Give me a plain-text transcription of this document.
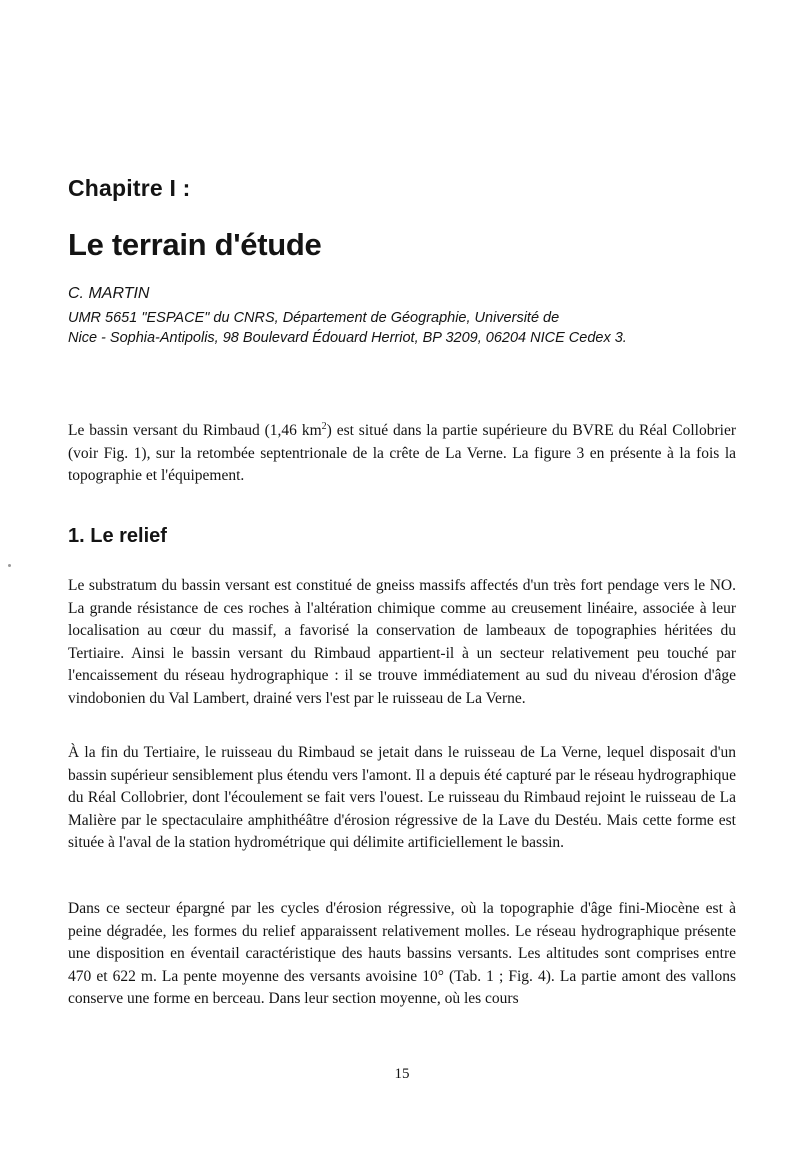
Chapitre I :
Le terrain d'étude

C. MARTIN

UMR 5651 "ESPACE" du CNRS, Département de Géographie, Université de

Nice - Sophia-Antipolis, 98 Boulevard Édouard Herriot, BP 3209, 06204 NICE Cedex 3.

Le bassin versant du Rimbaud (1,46 $km^2$) est situé dans la partie supérieure du BVRE du Réal Collobrier (voir Fig. 1), sur la retombée septentrionale de la crête de La Verne. La figure 3 en présente à la fois la topographie et l'équipement.

1. Le relief

Le substratum du bassin versant est constitué de gneiss massifs affectés d'un très fort pendage vers le NO. La grande résistance de ces roches à l'altération chimique comme au creusement linéaire, associée à leur localisation au cœur du massif, a favorisé la conservation de lambeaux de topographies héritées du Tertiaire. Ainsi le bassin versant du Rimbaud appartient-il à un secteur relativement peu touché par l'encaissement du réseau hydrographique : il se trouve immédiatement au sud du niveau d'érosion d'âge vindobonien du Val Lambert, drainé vers l'est par le ruisseau de La Verne.

À la fin du Tertiaire, le ruisseau du Rimbaud se jetait dans le ruisseau de La Verne, lequel disposait d'un bassin supérieur sensiblement plus étendu vers l'amont. Il a depuis été capturé par le réseau hydrographique du Réal Collobrier, dont l'écoulement se fait vers l'ouest. Le ruisseau du Rimbaud rejoint le ruisseau de La Malière par le spectaculaire amphithéâtre d'érosion régressive de la Lave du Destéu. Mais cette forme est située à l'aval de la station hydrométrique qui délimite artificiellement le bassin.

Dans ce secteur épargné par les cycles d'érosion régressive, où la topographie d'âge fini-Miocène est à peine dégradée, les formes du relief apparaissent relativement molles. Le réseau hydrographique présente une disposition en éventail caractéristique des hauts bassins versants. Les altitudes sont comprises entre 470 et 622 m. La pente moyenne des versants avoisine 10° (Tab. 1 ; Fig. 4). La partie amont des vallons conserve une forme en berceau. Dans leur section moyenne, où les cours

15
